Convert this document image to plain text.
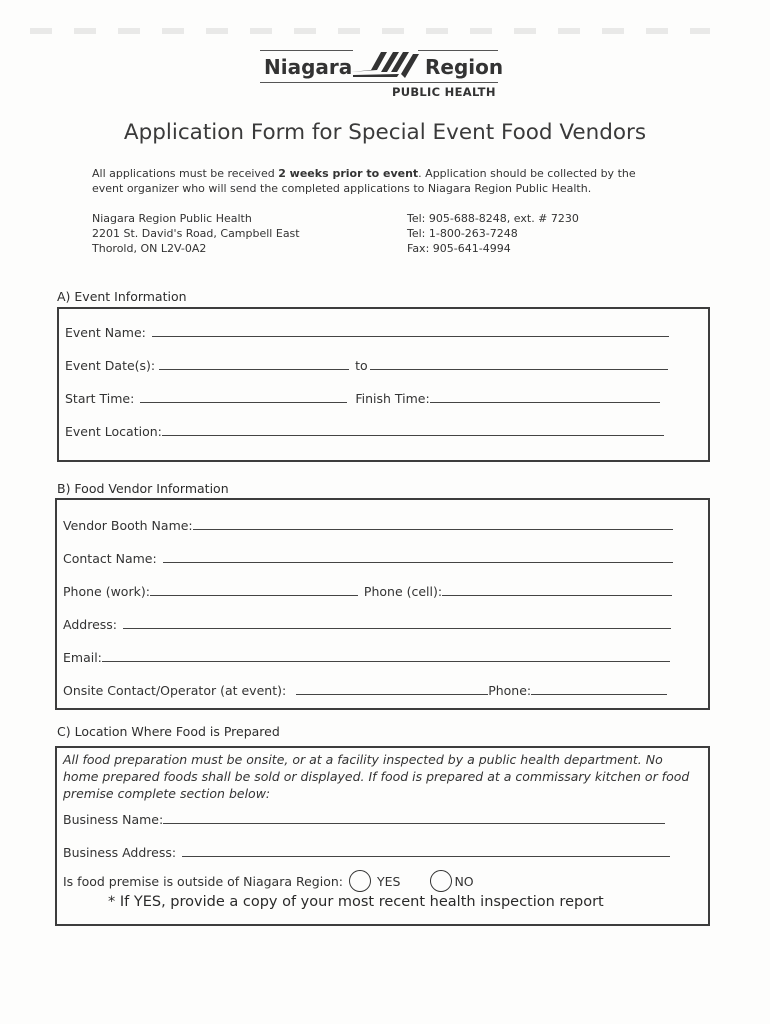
Niagara	Region
PUBLIC HEALTH
Application Form for Special Event Food Vendors
All applications must be received 2 weeks prior to event. Application should be collected by the
event organizer who will send the completed applications to Niagara Region Public Health.
Niagara Region Public Health
2201 St. David's Road, Campbell East
Thorold, ON L2V-0A2
Tel: 905-688-8248, ext. # 7230
Tel: 1-800-263-7248
Fax: 905-641-4994
A) Event Information
Event Name:
Event Date(s):	to
Start Time:	Finish Time:
Event Location:
B) Food Vendor Information
Vendor Booth Name:
Contact Name:
Phone (work):	Phone (cell):
Address:
Email:
Onsite Contact/Operator (at event):	Phone:
C) Location Where Food is Prepared
All food preparation must be onsite, or at a facility inspected by a public health department. No
home prepared foods shall be sold or displayed. If food is prepared at a commissary kitchen or food
premise complete section below:
Business Name:
Business Address:
Is food premise is outside of Niagara Region:	YES	NO
* If YES, provide a copy of your most recent health inspection report
